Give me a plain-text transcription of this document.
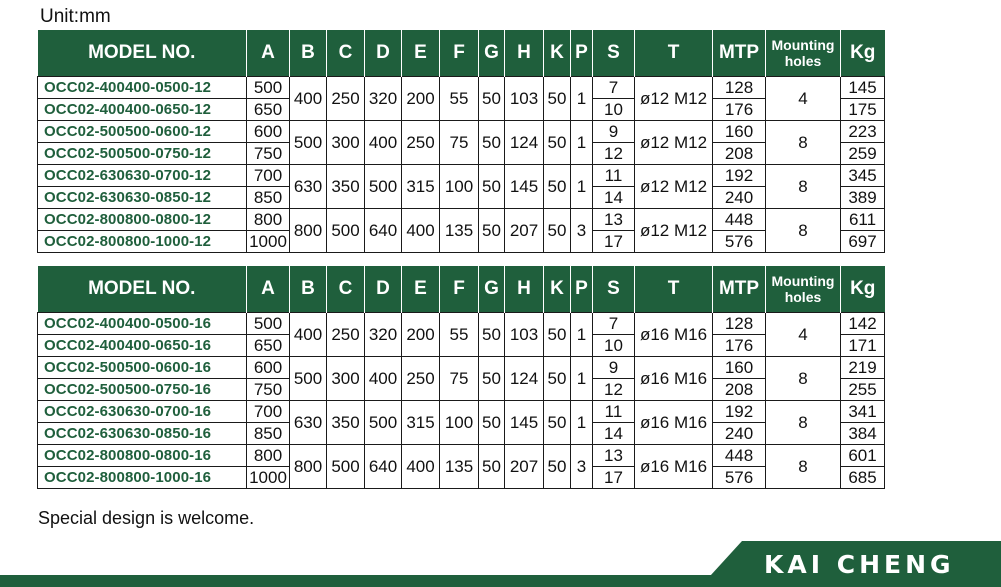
Unit:mm
MODEL NO.	A	B	C	D	E	F	G	H	K	P	S	T	MTP	Mounting holes	Kg
OCC02-400400-0500-12	500	400	250	320	200	55	50	103	50	1	7	ø12 M12	128	4	145
OCC02-400400-0650-12	650										10		176		175
OCC02-500500-0600-12	600	500	300	400	250	75	50	124	50	1	9	ø12 M12	160	8	223
OCC02-500500-0750-12	750										12		208		259
OCC02-630630-0700-12	700	630	350	500	315	100	50	145	50	1	11	ø12 M12	192	8	345
OCC02-630630-0850-12	850										14		240		389
OCC02-800800-0800-12	800	800	500	640	400	135	50	207	50	3	13	ø12 M12	448	8	611
OCC02-800800-1000-12	1000										17		576		697
MODEL NO.	A	B	C	D	E	F	G	H	K	P	S	T	MTP	Mounting holes	Kg
OCC02-400400-0500-16	500	400	250	320	200	55	50	103	50	1	7	ø16 M16	128	4	142
OCC02-400400-0650-16	650										10		176		171
OCC02-500500-0600-16	600	500	300	400	250	75	50	124	50	1	9	ø16 M16	160	8	219
OCC02-500500-0750-16	750										12		208		255
OCC02-630630-0700-16	700	630	350	500	315	100	50	145	50	1	11	ø16 M16	192	8	341
OCC02-630630-0850-16	850										14		240		384
OCC02-800800-0800-16	800	800	500	640	400	135	50	207	50	3	13	ø16 M16	448	8	601
OCC02-800800-1000-16	1000										17		576		685
Special design is welcome.
KAI CHENG
